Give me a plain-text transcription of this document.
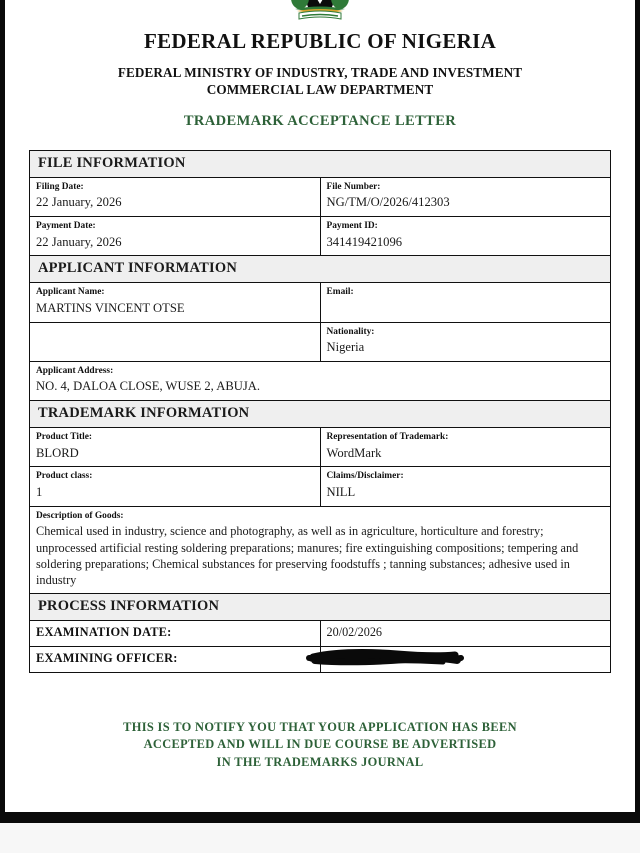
FEDERAL REPUBLIC OF NIGERIA
FEDERAL MINISTRY OF INDUSTRY, TRADE AND INVESTMENT
COMMERCIAL LAW DEPARTMENT
TRADEMARK ACCEPTANCE LETTER
FILE INFORMATION	

Filing Date:
22 January, 2026	File Number:
NG/TM/O/2026/412303

Payment Date:
22 January, 2026	Payment ID:
341419421096

APPLICANT INFORMATION	

Applicant Name:
MARTINS VINCENT OTSE	Email:

	Nationality:
Nigeria

Applicant Address:
NO. 4, DALOA CLOSE, WUSE 2, ABUJA.	

TRADEMARK INFORMATION	

Product Title:
BLORD	Representation of Trademark:
WordMark

Product class:
1	Claims/Disclaimer:
NILL

Description of Goods:
Chemical used in industry, science and photography, as well as in agriculture, horticulture and forestry; unprocessed artificial resting soldering preparations; manures; fire extinguishing compositions; tempering and soldering preparations; Chemical substances for preserving foodstuffs ; tanning substances; adhesive used in industry	

PROCESS INFORMATION	

EXAMINATION DATE:	20/02/2026

EXAMINING OFFICER:

THIS IS TO NOTIFY YOU THAT YOUR APPLICATION HAS BEEN
ACCEPTED AND WILL IN DUE COURSE BE ADVERTISED
IN THE TRADEMARKS JOURNAL
